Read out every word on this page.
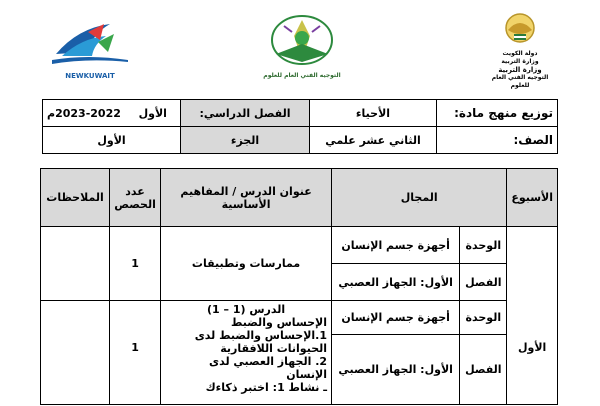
NEWKUWAIT	التوجيه الفني العام للعلوم
دولة الكويت
وزارة التربية
وزارة التربية
التوجيه الفني العام للعلوم
توزيع منهج مادة:	الأحياء	الفصل الدراسي:	الأول  2022-2023م
الصف:	الثاني عشر علمي	الجزء	الأول
الأسبوع	المجال		عنوان الدرس / المفاهيم الأساسية	عدد الحصص	الملاحظات
الأول	الوحدة	أجهزة جسم الإنسان	ممارسات وتطبيقات	1	
	الفصل	الأول: الجهاز العصبي			
	الوحدة	أجهزة جسم الإنسان	الدرس (1 – 1)
الإحساس والضبط
1.الإحساس والضبط لدى الحيوانات اللافقارية
2. الجهاز العصبي لدى الإنسان
ـ نشاط 1: اختبر ذكاءك	1	
	الفصل	الأول: الجهاز العصبي			
